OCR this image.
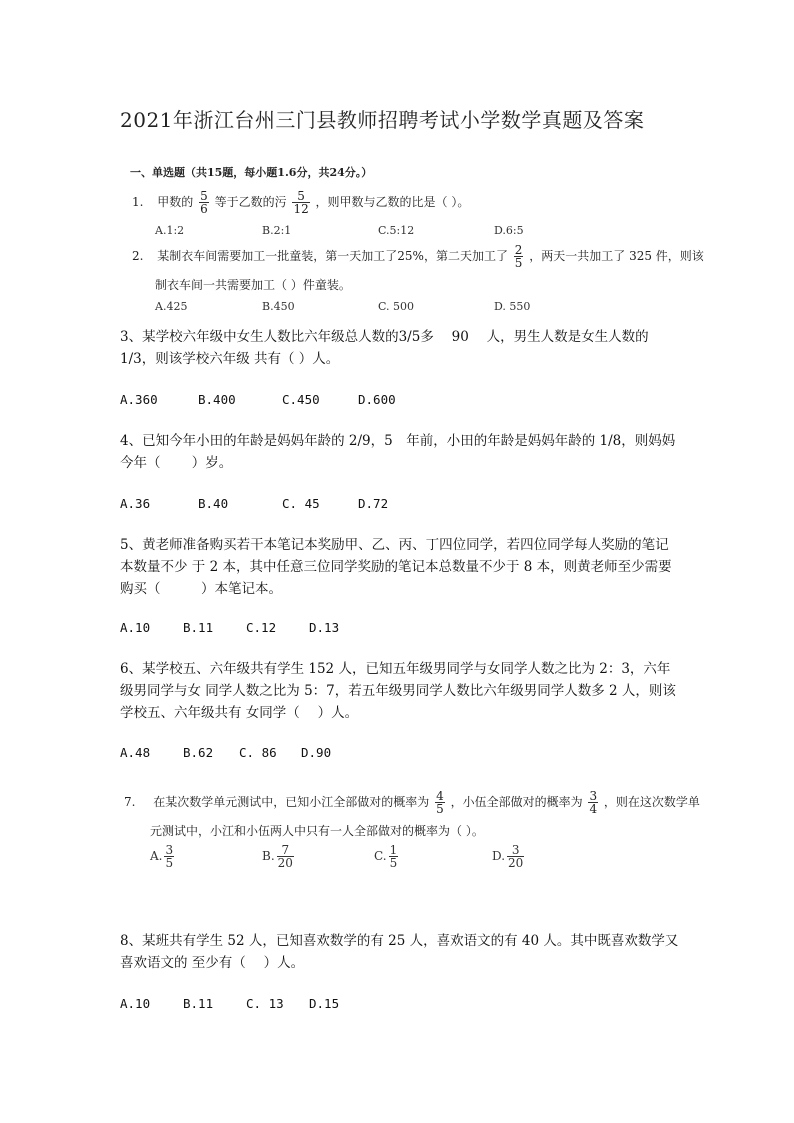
2021年浙江台州三门县教师招聘考试小学数学真题及答案
一、单选题（共15题，每小题1.6分，共24分。）
1. 甲数的 $\frac{5}{6}$ 等于乙数的污 $\frac{5}{12}$ ，则甲数与乙数的比是（ ）。
A.1:2	B.2:1	C.5:12	D.6:5
2. 某制衣车间需要加工一批童装，第一天加工了25%，第二天加工了 $\frac{2}{5}$ ，两天一共加工了 325 件，则该
制衣车间一共需要加工（ ）件童装。
A.425	B.450	C. 500	D. 550
3、某学校六年级中女生人数比六年级总人数的3/5多　 90　 人，男生人数是女生人数的 1/3，则该学校六年级 共有（ ）人。
A.360	B.400	C.450	D.600
4、已知今年小田的年龄是妈妈年龄的 2/9，5　年前，小田的年龄是妈妈年龄的 1/8，则妈妈今年（　　 ）岁。
A.36	B.40	C. 45	D.72
5、黄老师准备购买若干本笔记本奖励甲、乙、丙、丁四位同学，若四位同学每人奖励的笔记本数量不少 于 2 本，其中任意三位同学奖励的笔记本总数量不少于 8 本，则黄老师至少需要购买（　　　）本笔记本。
A.10	B.11	C.12	D.13
6、某学校五、六年级共有学生 152 人，已知五年级男同学与女同学人数之比为 2：3，六年级男同学与女 同学人数之比为 5：7，若五年级男同学人数比六年级男同学人数多 2 人，则该学校五、六年级共有 女同学（　 ）人。
A.48	B.62 C. 86 D.90
7. 在某次数学单元测试中，已知小江全部做对的概率为 $\frac{4}{5}$ ，小伍全部做对的概率为 $\frac{3}{4}$ ，则在这次数学单
元测试中，小江和小伍两人中只有一人全部做对的概率为（ ）。
A. $\frac{3}{5}$	B. $\frac{7}{20}$	C. $\frac{1}{5}$	D. $\frac{3}{20}$
8、某班共有学生 52 人，已知喜欢数学的有 25 人，喜欢语文的有 40 人。其中既喜欢数学又喜欢语文的 至少有（　 ）人。
A.10	B.11	C. 13 D.15
